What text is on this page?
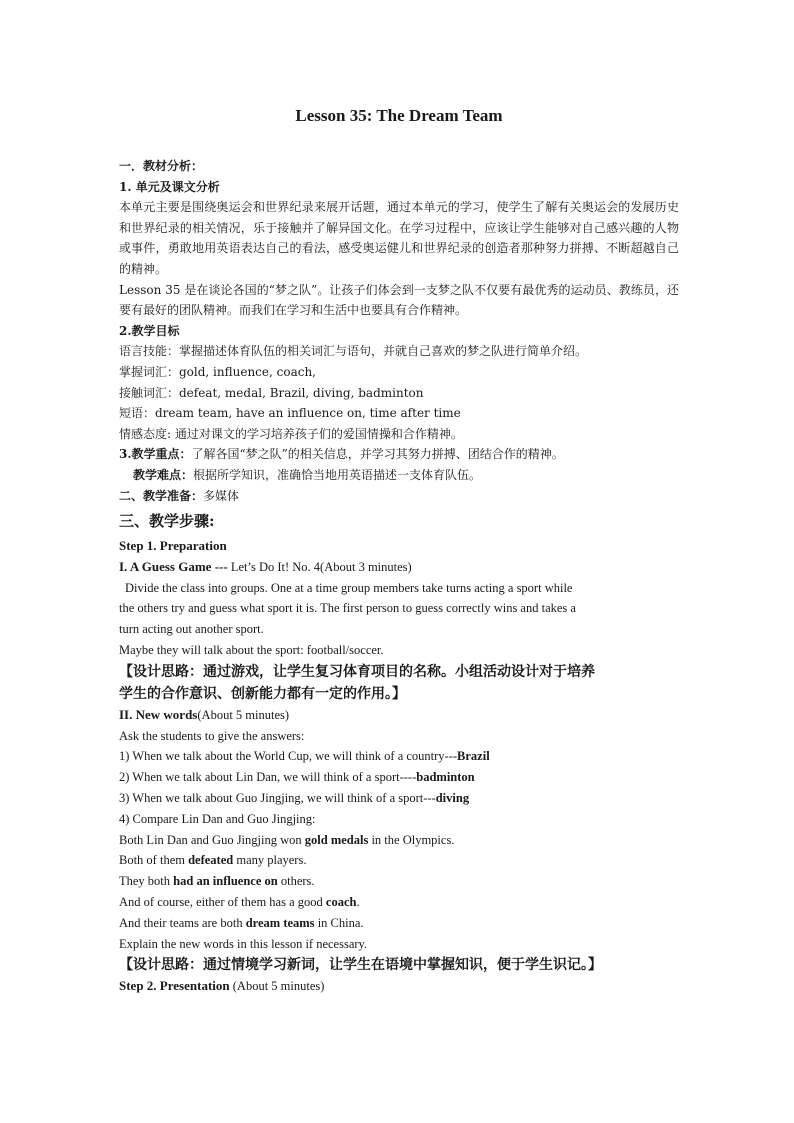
Lesson 35: The Dream Team
一．教材分析：
1. 单元及课文分析
本单元主要是围绕奥运会和世界纪录来展开话题，通过本单元的学习，使学生了解有关奥运会的发展历史和世界纪录的相关情况，乐于接触并了解异国文化。在学习过程中，应该让学生能够对自己感兴趣的人物或事件，勇敢地用英语表达自己的看法，感受奥运健儿和世界纪录的创造者那种努力拼搏、不断超越自己的精神。
Lesson 35 是在谈论各国的“梦之队”。让孩子们体会到一支梦之队不仅要有最优秀的运动员、教练员，还要有最好的团队精神。而我们在学习和生活中也要具有合作精神。
2.教学目标
语言技能：掌握描述体育队伍的相关词汇与语句，并就自己喜欢的梦之队进行简单介绍。
掌握词汇：gold, influence, coach,
接触词汇：defeat, medal, Brazil, diving, badminton
短语：dream team, have an influence on, time after time
情感态度: 通过对课文的学习培养孩子们的爱国情操和合作精神。
3.教学重点：了解各国“梦之队”的相关信息，并学习其努力拼搏、团结合作的精神。
教学难点：根据所学知识，准确恰当地用英语描述一支体育队伍。
二、教学准备：多媒体
三、教学步骤:
Step 1. Preparation
I. A Guess Game --- Let’s Do It! No. 4(About 3 minutes)
Divide the class into groups. One at a time group members take turns acting a sport while
the others try and guess what sport it is. The first person to guess correctly wins and takes a
turn acting out another sport.
Maybe they will talk about the sport: football/soccer.
【设计思路：通过游戏，让学生复习体育项目的名称。小组活动设计对于培养
学生的合作意识、创新能力都有一定的作用。】
II. New words(About 5 minutes)
Ask the students to give the answers:
1) When we talk about the World Cup, we will think of a country---Brazil
2) When we talk about Lin Dan, we will think of a sport----badminton
3) When we talk about Guo Jingjing, we will think of a sport---diving
4) Compare Lin Dan and Guo Jingjing:
Both Lin Dan and Guo Jingjing won gold medals in the Olympics.
Both of them defeated many players.
They both had an influence on others.
And of course, either of them has a good coach.
And their teams are both dream teams in China.
Explain the new words in this lesson if necessary.
【设计思路：通过情境学习新词，让学生在语境中掌握知识，便于学生识记。】
Step 2. Presentation (About 5 minutes)
